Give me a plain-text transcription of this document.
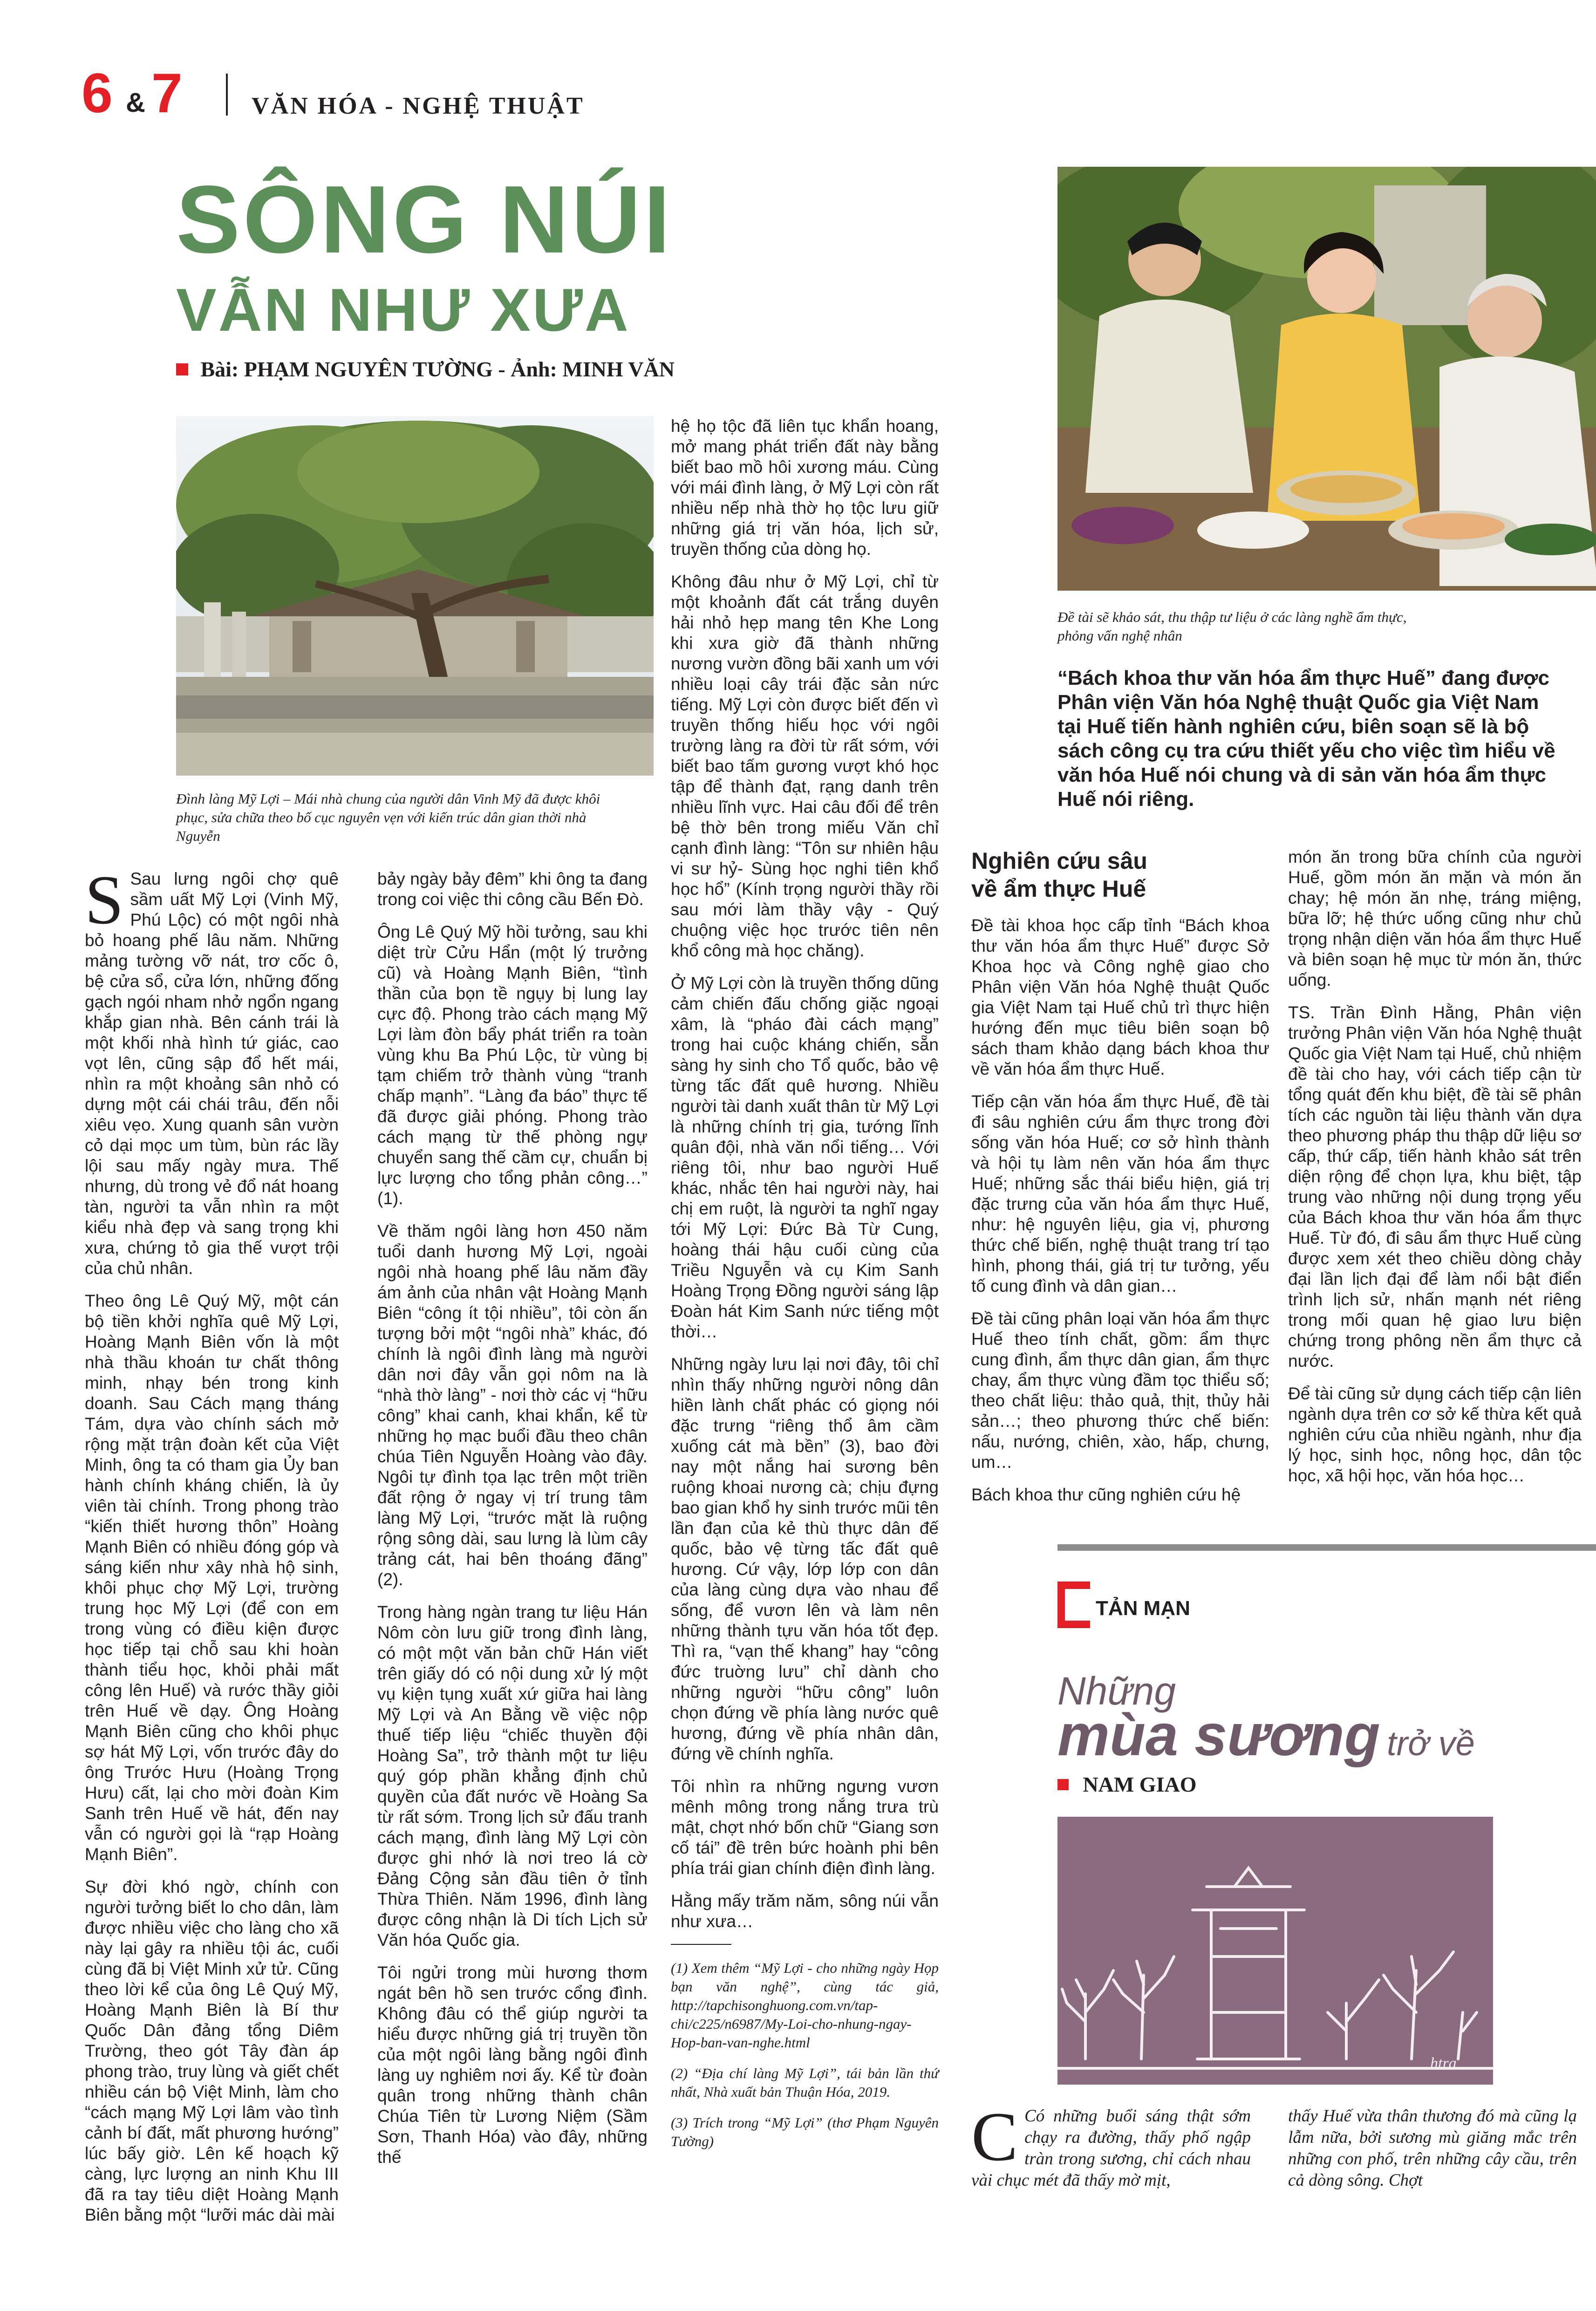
6 & 7	VĂN HÓA - NGHỆ THUẬT
SÔNG NÚI
VẪN NHƯ XƯA
Bài: PHẠM NGUYÊN TƯỜNG - Ảnh: MINH VĂN
Đình làng Mỹ Lợi – Mái nhà chung của người dân Vinh Mỹ đã được khôi phục, sửa chữa theo bố cục nguyên vẹn với kiến trúc dân gian thời nhà Nguyễn

S Sau lưng ngôi chợ quê sầm uất Mỹ Lợi (Vinh Mỹ, Phú Lộc) có một ngôi nhà bỏ hoang phế lâu năm. Những mảng tường vỡ nát, trơ cốc ô, bệ cửa sổ, cửa lớn, những đống gạch ngói nham nhở ngổn ngang khắp gian nhà. Bên cánh trái là một khối nhà hình tứ giác, cao vọt lên, cũng sập đổ hết mái, nhìn ra một khoảng sân nhỏ có dựng một cái chái trâu, đến nỗi xiêu vẹo. Xung quanh sân vườn cỏ dại mọc um tùm, bùn rác lầy lội sau mấy ngày mưa. Thế nhưng, dù trong vẻ đổ nát hoang tàn, người ta vẫn nhìn ra một kiểu nhà đẹp và sang trọng khi xưa, chứng tỏ gia thế vượt trội của chủ nhân.

Theo ông Lê Quý Mỹ, một cán bộ tiền khởi nghĩa quê Mỹ Lợi, Hoàng Mạnh Biên vốn là một nhà thầu khoán tư chất thông minh, nhạy bén trong kinh doanh. Sau Cách mạng tháng Tám, dựa vào chính sách mở rộng mặt trận đoàn kết của Việt Minh, ông ta có tham gia Ủy ban hành chính kháng chiến, là ủy viên tài chính. Trong phong trào “kiến thiết hương thôn” Hoàng Mạnh Biên có nhiều đóng góp và sáng kiến như xây nhà hộ sinh, khôi phục chợ Mỹ Lợi, trường trung học Mỹ Lợi (để con em trong vùng có điều kiện được học tiếp tại chỗ sau khi hoàn thành tiểu học, khỏi phải mất công lên Huế) và rước thầy giỏi trên Huế về dạy. Ông Hoàng Mạnh Biên cũng cho khôi phục sợ hát Mỹ Lợi, vốn trước đây do ông Trước Hưu (Hoàng Trọng Hưu) cất, lại cho mời đoàn Kim Sanh trên Huế về hát, đến nay vẫn có người gọi là “rạp Hoàng Mạnh Biên”.

Sự đời khó ngờ, chính con người tưởng biết lo cho dân, làm được nhiều việc cho làng cho xã này lại gây ra nhiều tội ác, cuối cùng đã bị Việt Minh xử tử. Cũng theo lời kể của ông Lê Quý Mỹ, Hoàng Mạnh Biên là Bí thư Quốc Dân đảng tổng Diêm Trường, theo gót Tây đàn áp phong trào, truy lùng và giết chết nhiều cán bộ Việt Minh, làm cho “cách mạng Mỹ Lợi lâm vào tình cảnh bí đất, mất phương hướng” lúc bấy giờ. Lên kế hoạch kỹ càng, lực lượng an ninh Khu III đã ra tay tiêu diệt Hoàng Mạnh Biên bằng một “lưỡi mác dài mài

bảy ngày bảy đêm” khi ông ta đang trong coi việc thi công cầu Bến Đò.

Ông Lê Quý Mỹ hồi tưởng, sau khi diệt trừ Cửu Hẩn (một lý trưởng cũ) và Hoàng Mạnh Biên, “tình thần của bọn tề ngụy bị lung lay cực độ. Phong trào cách mạng Mỹ Lợi làm đòn bẩy phát triển ra toàn vùng khu Ba Phú Lộc, từ vùng bị tạm chiếm trở thành vùng “tranh chấp mạnh”. “Làng đa báo” thực tế đã được giải phóng. Phong trào cách mạng từ thế phòng ngự chuyển sang thế cầm cự, chuẩn bị lực lượng cho tổng phản công…” (1).

Về thăm ngôi làng hơn 450 năm tuổi danh hương Mỹ Lợi, ngoài ngôi nhà hoang phế lâu năm đầy ám ảnh của nhân vật Hoàng Mạnh Biên “công ít tội nhiều”, tôi còn ấn tượng bởi một “ngôi nhà” khác, đó chính là ngôi đình làng mà người dân nơi đây vẫn gọi nôm na là “nhà thờ làng” - nơi thờ các vị “hữu công” khai canh, khai khẩn, kể từ những họ mạc buổi đầu theo chân chúa Tiên Nguyễn Hoàng vào đây. Ngôi tự đình tọa lạc trên một triền đất rộng ở ngay vị trí trung tâm làng Mỹ Lợi, “trước mặt là ruộng rộng sông dài, sau lưng là lùm cây trảng cát, hai bên thoáng đãng” (2).

Trong hàng ngàn trang tư liệu Hán Nôm còn lưu giữ trong đình làng, có một một văn bản chữ Hán viết trên giấy dó có nội dung xử lý một vụ kiện tụng xuất xứ giữa hai làng Mỹ Lợi và An Bằng về việc nộp thuế tiếp liệu “chiếc thuyền đội Hoàng Sa”, trở thành một tư liệu quý góp phần khẳng định chủ quyền của đất nước về Hoàng Sa từ rất sớm. Trong lịch sử đấu tranh cách mạng, đình làng Mỹ Lợi còn được ghi nhớ là nơi treo lá cờ Đảng Cộng sản đầu tiên ở tỉnh Thừa Thiên. Năm 1996, đình làng được công nhận là Di tích Lịch sử Văn hóa Quốc gia.

Tôi ngửi trong mùi hương thơm ngát bên hồ sen trước cổng đình. Không đâu có thể giúp người ta hiểu được những giá trị truyền tồn của một ngôi làng bằng ngôi đình làng uy nghiêm nơi ấy. Kể từ đoàn quân trong những thành chân Chúa Tiên từ Lương Niệm (Sầm Sơn, Thanh Hóa) vào đây, những thế

hệ họ tộc đã liên tục khẩn hoang, mở mang phát triển đất này bằng biết bao mồ hôi xương máu. Cùng với mái đình làng, ở Mỹ Lợi còn rất nhiều nếp nhà thờ họ tộc lưu giữ những giá trị văn hóa, lịch sử, truyền thống của dòng họ.

Không đâu như ở Mỹ Lợi, chỉ từ một khoảnh đất cát trắng duyên hải nhỏ hẹp mang tên Khe Long khi xưa giờ đã thành những nương vườn đồng bãi xanh um với nhiều loại cây trái đặc sản nức tiếng. Mỹ Lợi còn được biết đến vì truyền thống hiếu học với ngôi trường làng ra đời từ rất sớm, với biết bao tấm gương vượt khó học tập để thành đạt, rạng danh trên nhiều lĩnh vực. Hai câu đối để trên bệ thờ bên trong miếu Văn chỉ cạnh đình làng: “Tôn sư nhiên hậu vi sư hỷ- Sùng học nghi tiên khổ học hổ” (Kính trọng người thầy rồi sau mới làm thầy vậy - Quý chuộng việc học trước tiên nên khổ công mà học chăng).

Ở Mỹ Lợi còn là truyền thống dũng cảm chiến đấu chống giặc ngoại xâm, là “pháo đài cách mạng” trong hai cuộc kháng chiến, sẵn sàng hy sinh cho Tổ quốc, bảo vệ từng tấc đất quê hương. Nhiều người tài danh xuất thân từ Mỹ Lợi là những chính trị gia, tướng lĩnh quân đội, nhà văn nổi tiếng… Với riêng tôi, như bao người Huế khác, nhắc tên hai người này, hai chị em ruột, là người ta nghĩ ngay tới Mỹ Lợi: Đức Bà Từ Cung, hoàng thái hậu cuối cùng của Triều Nguyễn và cụ Kim Sanh Hoàng Trọng Đồng người sáng lập Đoàn hát Kim Sanh nức tiếng một thời…

Những ngày lưu lại nơi đây, tôi chỉ nhìn thấy những người nông dân hiền lành chất phác có giọng nói đặc trưng “riêng thổ âm cầm xuống cát mà bền” (3), bao đời nay một nắng hai sương bên ruộng khoai nương cà; chịu đựng bao gian khổ hy sinh trước mũi tên lần đạn của kẻ thù thực dân đế quốc, bảo vệ từng tấc đất quê hương. Cứ vậy, lớp lớp con dân của làng cùng dựa vào nhau để sống, để vươn lên và làm nên những thành tựu văn hóa tốt đẹp. Thì ra, “vạn thế khang” hay “công đức truờng lưu” chỉ dành cho những người “hữu công” luôn chọn đứng về phía làng nước quê hương, đứng về phía nhân dân, đứng về chính nghĩa.

Tôi nhìn ra những ngưng vươn mênh mông trong nắng trưa trù mật, chợt nhớ bốn chữ “Giang sơn cố tái” đề trên bức hoành phi bên phía trái gian chính điện đình làng.

Hằng mấy trăm năm, sông núi vẫn như xưa…

(1) Xem thêm “Mỹ Lợi - cho những ngày Họp bạn văn nghệ”, cùng tác giả, http://tapchisonghuong.com.vn/tap-chi/c225/n6987/My-Loi-cho-nhung-ngay-Hop-ban-van-nghe.html

(2) “Địa chí làng Mỹ Lợi”, tái bản lần thứ nhất, Nhà xuất bản Thuận Hóa, 2019.

(3) Trích trong “Mỹ Lợi” (thơ Phạm Nguyên Tường)

Đề tài sẽ khảo sát, thu thập tư liệu ở các làng nghề ẩm thực, phỏng vấn nghệ nhân
“Bách khoa thư văn hóa ẩm thực Huế” đang được Phân viện Văn hóa Nghệ thuật Quốc gia Việt Nam tại Huế tiến hành nghiên cứu, biên soạn sẽ là bộ sách công cụ tra cứu thiết yếu cho việc tìm hiểu về văn hóa Huế nói chung và di sản văn hóa ẩm thực Huế nói riêng.
Nghiên cứu sâu về ẩm thực Huế

Đề tài khoa học cấp tỉnh “Bách khoa thư văn hóa ẩm thực Huế” được Sở Khoa học và Công nghệ giao cho Phân viện Văn hóa Nghệ thuật Quốc gia Việt Nam tại Huế chủ trì thực hiện hướng đến mục tiêu biên soạn bộ sách tham khảo dạng bách khoa thư về văn hóa ẩm thực Huế.

Tiếp cận văn hóa ẩm thực Huế, đề tài đi sâu nghiên cứu ẩm thực trong đời sống văn hóa Huế; cơ sở hình thành và hội tụ làm nên văn hóa ẩm thực Huế; những sắc thái biểu hiện, giá trị đặc trưng của văn hóa ẩm thực Huế, như: hệ nguyên liệu, gia vị, phương thức chế biến, nghệ thuật trang trí tạo hình, phong thái, giá trị tư tưởng, yếu tố cung đình và dân gian…

Đề tài cũng phân loại văn hóa ẩm thực Huế theo tính chất, gồm: ẩm thực cung đình, ẩm thực dân gian, ẩm thực chay, ẩm thực vùng đầm tọc thiểu số; theo chất liệu: thảo quả, thịt, thủy hải sản…; theo phương thức chế biến: nấu, nướng, chiên, xào, hấp, chưng, um…

Bách khoa thư cũng nghiên cứu hệ

món ăn trong bữa chính của người Huế, gồm món ăn mặn và món ăn chay; hệ món ăn nhẹ, tráng miệng, bữa lỡ; hệ thức uống cũng như chủ trọng nhận diện văn hóa ẩm thực Huế và biên soạn hệ mục từ món ăn, thức uống.

TS. Trần Đình Hằng, Phân viện trưởng Phân viện Văn hóa Nghệ thuật Quốc gia Việt Nam tại Huế, chủ nhiệm đề tài cho hay, với cách tiếp cận từ tổng quát đến khu biệt, đề tài sẽ phân tích các nguồn tài liệu thành văn dựa theo phương pháp thu thập dữ liệu sơ cấp, thứ cấp, tiến hành khảo sát trên diện rộng để chọn lựa, khu biệt, tập trung vào những nội dung trọng yếu của Bách khoa thư văn hóa ẩm thực Huế. Từ đó, đi sâu ẩm thực Huế cùng được xem xét theo chiều dòng chảy đại lần lịch đại để làm nổi bật điển trình lịch sử, nhấn mạnh nét riêng trong mối quan hệ giao lưu biện chứng trong phông nền ẩm thực cả nước.

Để tài cũng sử dụng cách tiếp cận liên ngành dựa trên cơ sở kế thừa kết quả nghiên cứu của nhiều ngành, như địa lý học, sinh học, nông học, dân tộc học, xã hội học, văn hóa học…

TẢN MẠN
Những
mùa sương trở về
NAM GIAO
htra
C Có những buổi sáng thật sớm chạy ra đường, thấy phố ngập tràn trong sương, chỉ cách nhau vài chục mét đã thấy mờ mịt,
thấy Huế vừa thân thương đó mà cũng lạ lẫm nữa, bởi sương mù giăng mắc trên những con phố, trên những cây cầu, trên cả dòng sông. Chợt
